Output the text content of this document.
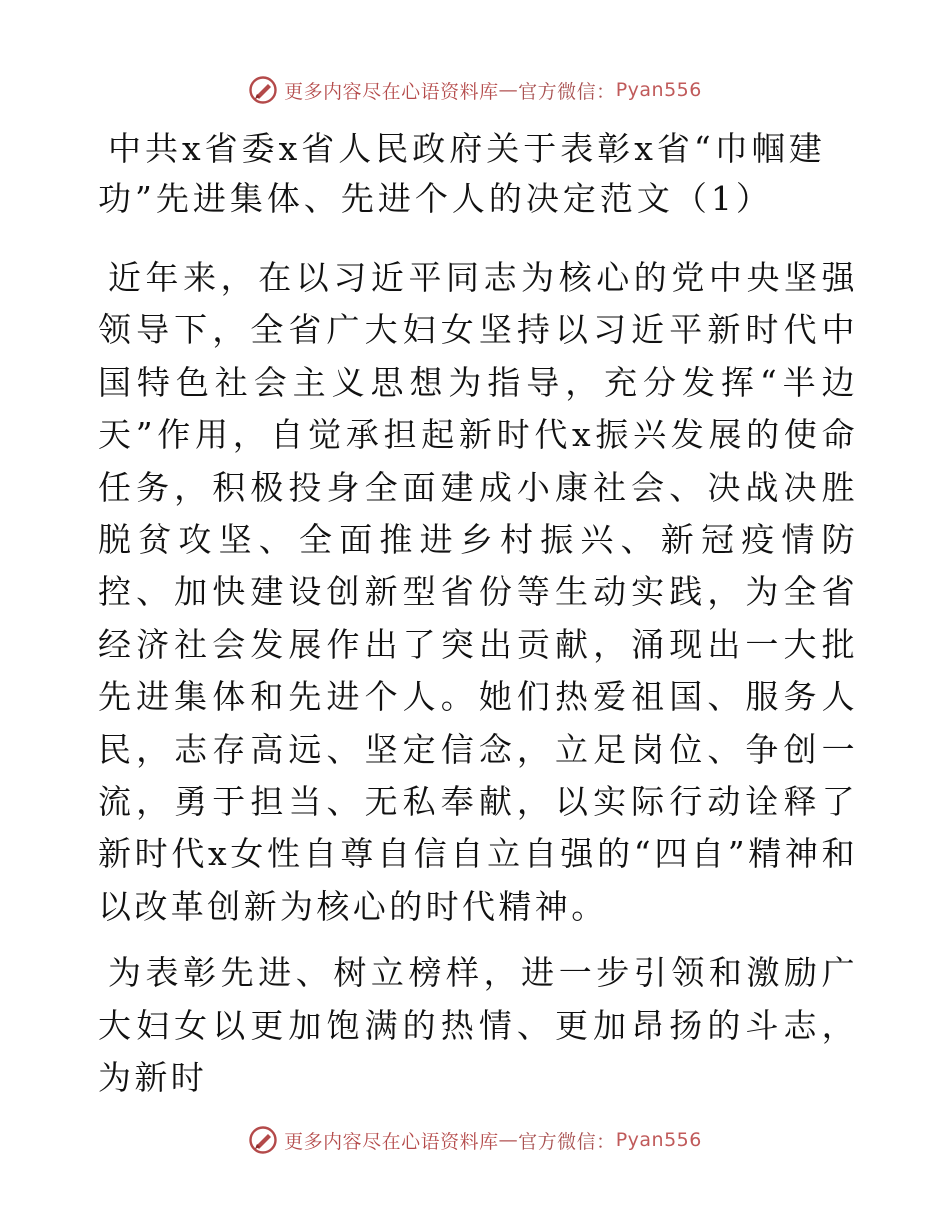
更多内容尽在心语资料库 — 官方微信： Pyan556
中共x省委x省人民政府关于表彰x省“巾帼建功”先进集体、先进个人的决定范文（1）

近年来，在以习近平同志为核心的党中央坚强领导下，全省广大妇女坚持以习近平新时代中国特色社会主义思想为指导，充分发挥“半边天”作用，自觉承担起新时代x振兴发展的使命任务，积极投身全面建成小康社会、决战决胜脱贫攻坚、全面推进乡村振兴、新冠疫情防控、加快建设创新型省份等生动实践，为全省经济社会发展作出了突出贡献，涌现出一大批先进集体和先进个人。她们热爱祖国、服务人民，志存高远、坚定信念，立足岗位、争创一流，勇于担当、无私奉献，以实际行动诠释了新时代x女性自尊自信自立自强的“四自”精神和以改革创新为核心的时代精神。

为表彰先进、树立榜样，进一步引领和激励广大妇女以更加饱满的热情、更加昂扬的斗志，为新时

更多内容尽在心语资料库 — 官方微信： Pyan556
